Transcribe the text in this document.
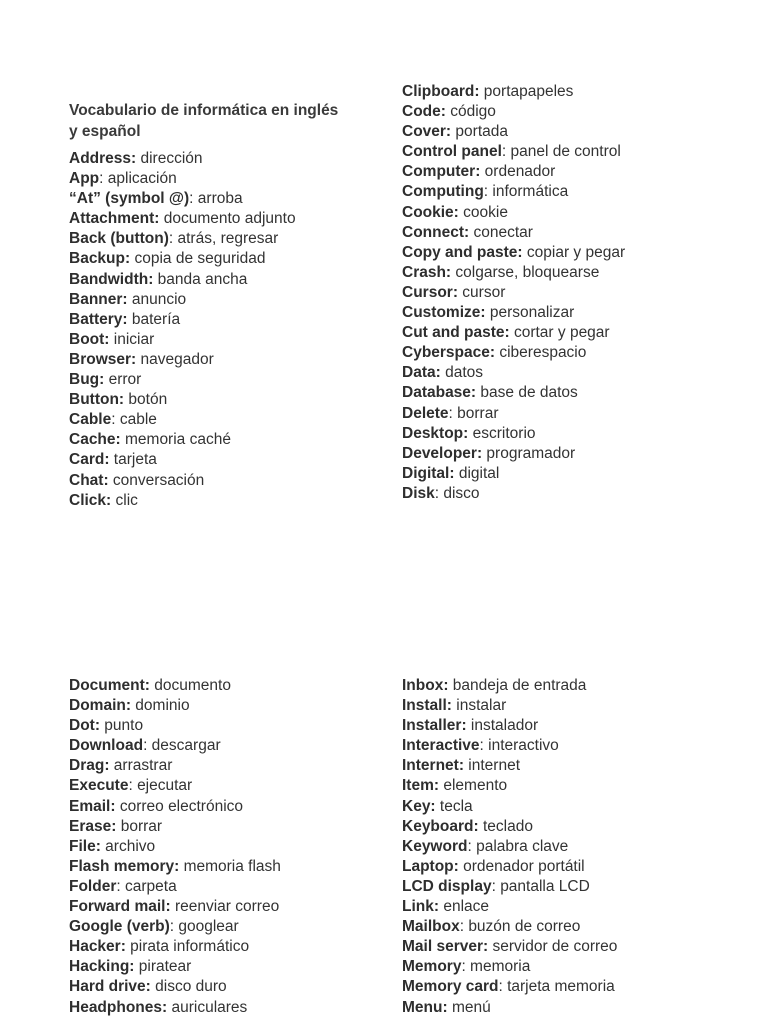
Vocabulario de informática en inglés y español
Address: dirección
App: aplicación
“At” (symbol @): arroba
Attachment: documento adjunto
Back (button): atrás, regresar
Backup: copia de seguridad
Bandwidth: banda ancha
Banner: anuncio
Battery: batería
Boot: iniciar
Browser: navegador
Bug: error
Button: botón
Cable: cable
Cache: memoria caché
Card: tarjeta
Chat: conversación
Click: clic
Clipboard: portapapeles
Code: código
Cover: portada
Control panel: panel de control
Computer: ordenador
Computing: informática
Cookie: cookie
Connect: conectar
Copy and paste: copiar y pegar
Crash: colgarse, bloquearse
Cursor: cursor
Customize: personalizar
Cut and paste: cortar y pegar
Cyberspace: ciberespacio
Data: datos
Database: base de datos
Delete: borrar
Desktop: escritorio
Developer: programador
Digital: digital
Disk: disco
Document: documento
Domain: dominio
Dot: punto
Download: descargar
Drag: arrastrar
Execute: ejecutar
Email: correo electrónico
Erase: borrar
File: archivo
Flash memory: memoria flash
Folder: carpeta
Forward mail: reenviar correo
Google (verb): googlear
Hacker: pirata informático
Hacking: piratear
Hard drive: disco duro
Headphones: auriculares
Inbox: bandeja de entrada
Install: instalar
Installer: instalador
Interactive: interactivo
Internet: internet
Item: elemento
Key: tecla
Keyboard: teclado
Keyword: palabra clave
Laptop: ordenador portátil
LCD display: pantalla LCD
Link: enlace
Mailbox: buzón de correo
Mail server: servidor de correo
Memory: memoria
Memory card: tarjeta memoria
Menu: menú
